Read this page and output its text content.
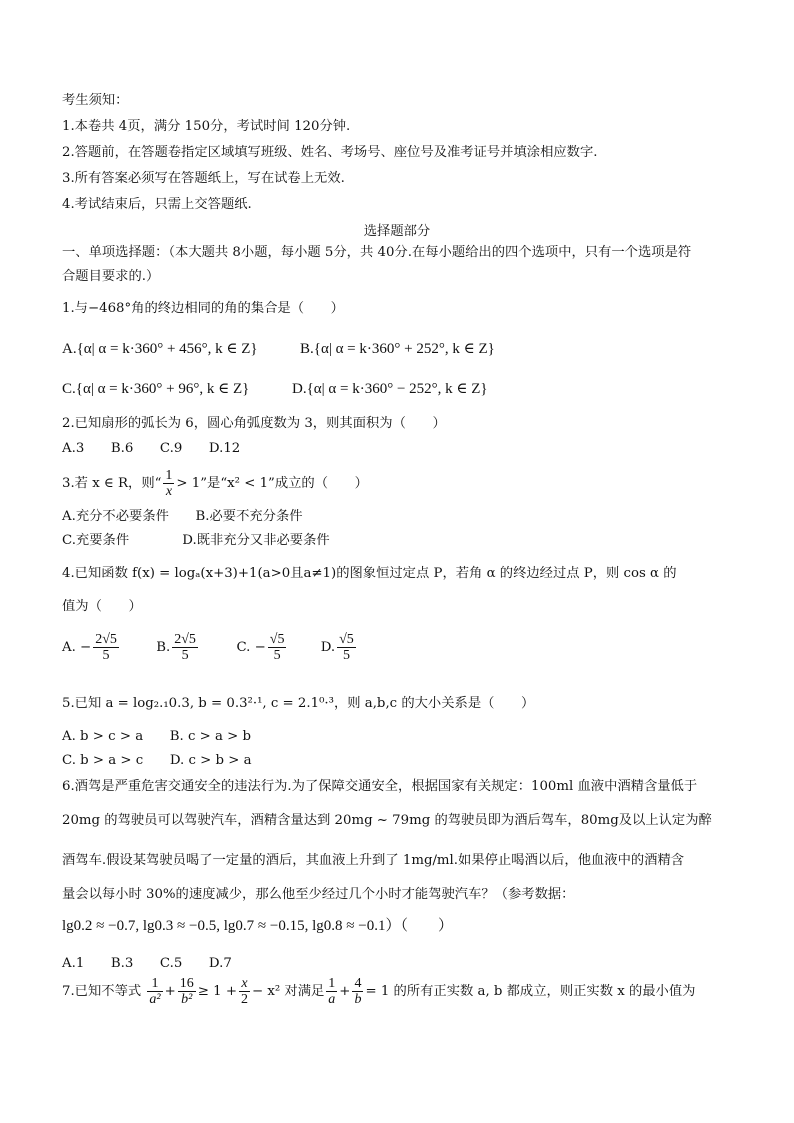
考生须知：
1.本卷共 4页，满分 150分，考试时间 120分钟.
2.答题前，在答题卷指定区域填写班级、姓名、考场号、座位号及准考证号并填涂相应数字.
3.所有答案必须写在答题纸上，写在试卷上无效.
4.考试结束后，只需上交答题纸.
选择题部分
一、单项选择题：（本大题共 8小题，每小题 5分，共 40分.在每小题给出的四个选项中，只有一个选项是符
合题目要求的.）
1.与−468°角的终边相同的角的集合是（　　）
A.{α| α = k·360° + 456°, k ∈ Z}	B.{α| α = k·360° + 252°, k ∈ Z}
C.{α| α = k·360° + 96°, k ∈ Z}	D.{α| α = k·360° − 252°, k ∈ Z}
2.已知扇形的弧长为 6，圆心角弧度数为 3，则其面积为（　　）
A.3　　B.6　　C.9　　D.12
3.若 x ∈ R，则“ $\frac{1}{x} > 1$”是“x² < 1”成立的（　　）
A.充分不必要条件　　B.必要不充分条件
C.充要条件　　　　D.既非充分又非必要条件
4.已知函数 f(x) = logₐ(x+3)+1(a>0且a≠1)的图象恒过定点 P，若角 α 的终边经过点 P，则 cos α 的
值为（　　）
A. − $\frac{2√5}{5}$	B. $\frac{2√5}{5}$	C. − $\frac{√5}{5}$	D. $\frac{√5}{5}$
5.已知 a = log₂.₁0.3, b = 0.3²·¹, c = 2.1⁰·³，则 a,b,c 的大小关系是（　　）
A. b > c > a　　B. c > a > b
C. b > a > c　　D. c > b > a
6.酒驾是严重危害交通安全的违法行为.为了保障交通安全，根据国家有关规定：100ml 血液中酒精含量低于
20mg 的驾驶员可以驾驶汽车，酒精含量达到 20mg ~ 79mg 的驾驶员即为酒后驾车，80mg及以上认定为醉
酒驾车.假设某驾驶员喝了一定量的酒后，其血液上升到了 1mg/ml.如果停止喝酒以后，他血液中的酒精含
量会以每小时 30%的速度减少，那么他至少经过几个小时才能驾驶汽车？（参考数据：
lg0.2 ≈ −0.7, lg0.3 ≈ −0.5, lg0.7 ≈ −0.15, lg0.8 ≈ −0.1）（　　）
A.1　　B.3　　C.5　　D.7
7.已知不等式 $\frac{1}{\text{a²}} + \frac{16}{\text{b²}} \ge 1 + \frac{x}{2} - x^2$ 对满足 $\frac{1}{a} + \frac{4}{b} = 1$ 的所有正实数 a, b 都成立，则正实数 x 的最小值为
